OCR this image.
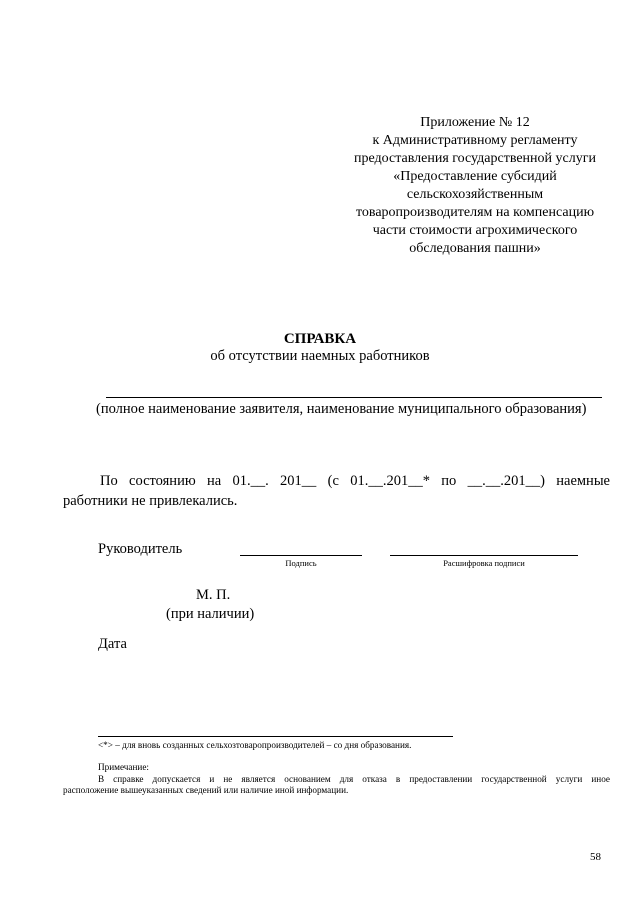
Приложение № 12
к Административному регламенту
предоставления государственной услуги
«Предоставление субсидий
сельскохозяйственным
товаропроизводителям на компенсацию
части стоимости агрохимического
обследования пашни»
СПРАВКА
об отсутствии наемных работников
(полное наименование заявителя, наименование муниципального образования)
По состоянию на 01.__. 201__ (с 01.__.201__* по __.__.201__) наемные
работники не привлекались.
Руководитель
Подпись	Расшифровка подписи
М. П.
(при наличии)
Дата
<*> – для вновь созданных сельхозтоваропроизводителей – со дня образования.
Примечание:
В справке допускается и не является основанием для отказа в предоставлении государственной услуги иное
расположение вышеуказанных сведений или наличие иной информации.
58
